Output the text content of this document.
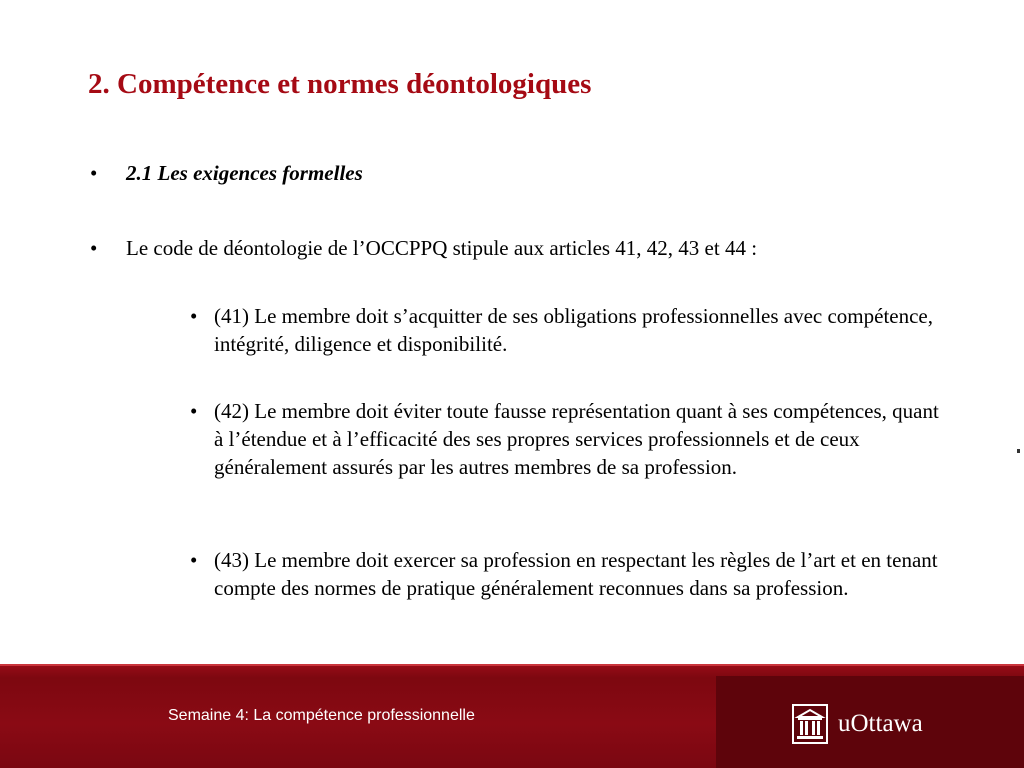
2. Compétence et normes déontologiques
• 2.1 Les exigences formelles
• Le code de déontologie de l’OCCPPQ stipule aux articles 41, 42, 43 et 44 :
• (41) Le membre doit s’acquitter de ses obligations professionnelles avec compétence, intégrité, diligence et disponibilité.
• (42) Le membre doit éviter toute fausse représentation quant à ses compétences, quant à l’étendue et à l’efficacité des ses propres services professionnels et de ceux généralement assurés par les autres membres de sa profession.
• (43) Le membre doit exercer sa profession en respectant les règles de l’art et en tenant compte des normes de pratique généralement reconnues dans sa profession.
Semaine 4: La compétence professionnelle	uOttawa
